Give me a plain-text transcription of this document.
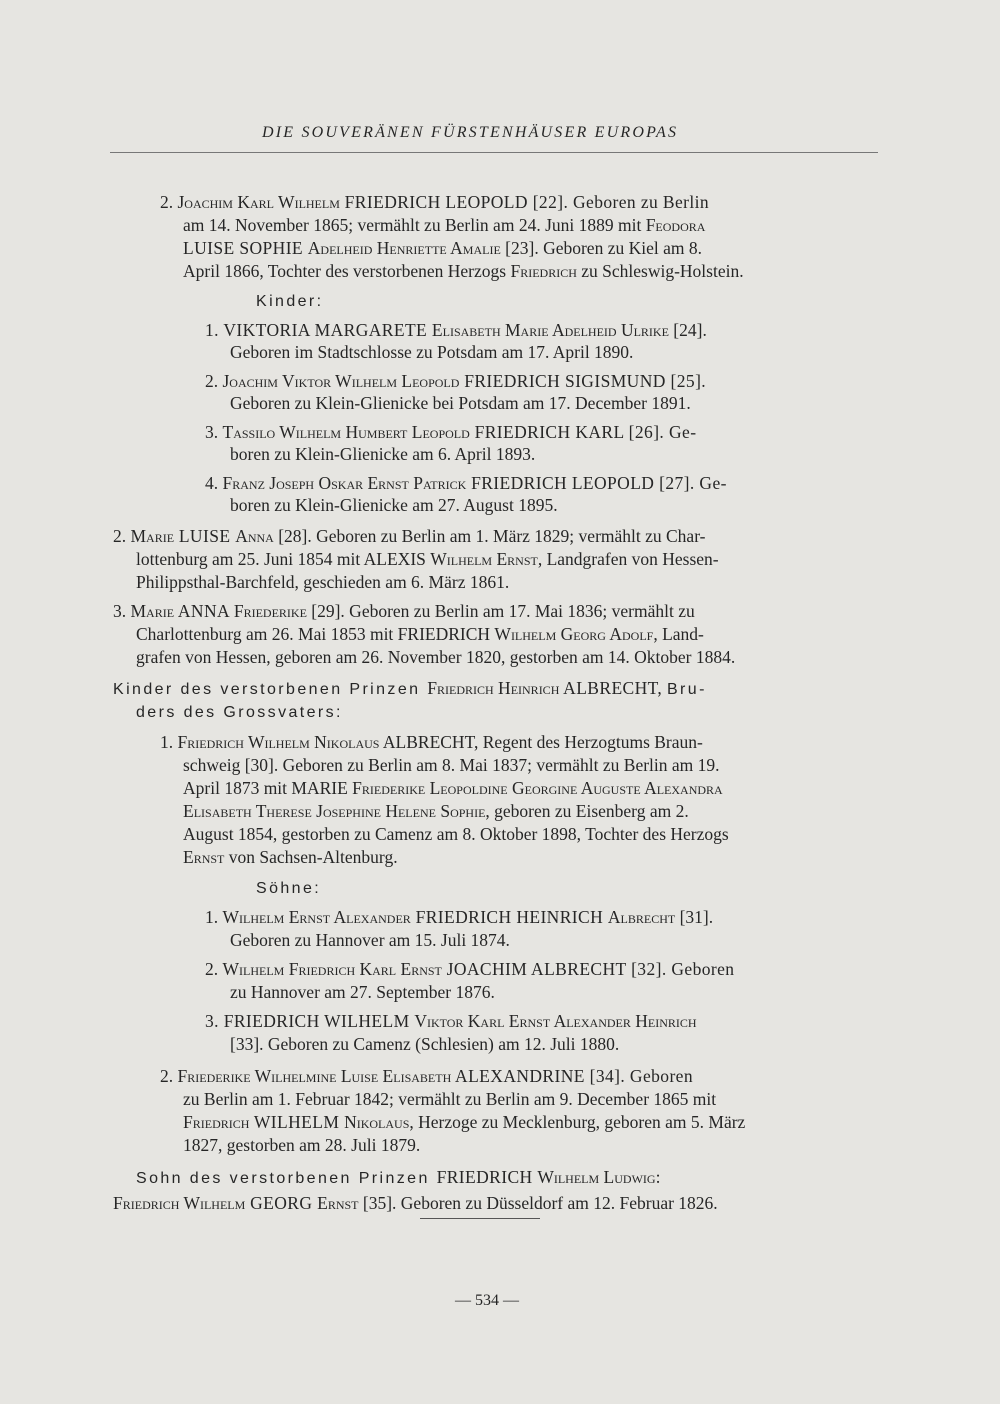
DIE SOUVERÄNEN FÜRSTENHÄUSER EUROPAS
2. Joachim Karl Wilhelm FRIEDRICH LEOPOLD [22]. Geboren zu Berlin
am 14. November 1865; vermählt zu Berlin am 24. Juni 1889 mit Feodora
LUISE SOPHIE Adelheid Henriette Amalie [23]. Geboren zu Kiel am 8.
April 1866, Tochter des verstorbenen Herzogs Friedrich zu Schleswig-Holstein.
Kinder:
1. VIKTORIA MARGARETE Elisabeth Marie Adelheid Ulrike [24].
Geboren im Stadtschlosse zu Potsdam am 17. April 1890.
2. Joachim Viktor Wilhelm Leopold FRIEDRICH SIGISMUND [25].
Geboren zu Klein-Glienicke bei Potsdam am 17. December 1891.
3. Tassilo Wilhelm Humbert Leopold FRIEDRICH KARL [26]. Ge-
boren zu Klein-Glienicke am 6. April 1893.
4. Franz Joseph Oskar Ernst Patrick FRIEDRICH LEOPOLD [27]. Ge-
boren zu Klein-Glienicke am 27. August 1895.
2. Marie LUISE Anna [28]. Geboren zu Berlin am 1. März 1829; vermählt zu Char-
lottenburg am 25. Juni 1854 mit ALEXIS Wilhelm Ernst, Landgrafen von Hessen-
Philippsthal-Barchfeld, geschieden am 6. März 1861.
3. Marie ANNA Friederike [29]. Geboren zu Berlin am 17. Mai 1836; vermählt zu
Charlottenburg am 26. Mai 1853 mit FRIEDRICH Wilhelm Georg Adolf, Land-
grafen von Hessen, geboren am 26. November 1820, gestorben am 14. Oktober 1884.
Kinder des verstorbenen Prinzen Friedrich Heinrich ALBRECHT, Bru-
ders des Grossvaters:
1. Friedrich Wilhelm Nikolaus ALBRECHT, Regent des Herzogtums Braun-
schweig [30]. Geboren zu Berlin am 8. Mai 1837; vermählt zu Berlin am 19.
April 1873 mit MARIE Friederike Leopoldine Georgine Auguste Alexandra
Elisabeth Therese Josephine Helene Sophie, geboren zu Eisenberg am 2.
August 1854, gestorben zu Camenz am 8. Oktober 1898, Tochter des Herzogs
Ernst von Sachsen-Altenburg.
Söhne:
1. Wilhelm Ernst Alexander FRIEDRICH HEINRICH Albrecht [31].
Geboren zu Hannover am 15. Juli 1874.
2. Wilhelm Friedrich Karl Ernst JOACHIM ALBRECHT [32]. Geboren
zu Hannover am 27. September 1876.
3. FRIEDRICH WILHELM Viktor Karl Ernst Alexander Heinrich
[33]. Geboren zu Camenz (Schlesien) am 12. Juli 1880.
2. Friederike Wilhelmine Luise Elisabeth ALEXANDRINE [34]. Geboren
zu Berlin am 1. Februar 1842; vermählt zu Berlin am 9. December 1865 mit
Friedrich WILHELM Nikolaus, Herzoge zu Mecklenburg, geboren am 5. März
1827, gestorben am 28. Juli 1879.
Sohn des verstorbenen Prinzen FRIEDRICH Wilhelm Ludwig:
Friedrich Wilhelm GEORG Ernst [35]. Geboren zu Düsseldorf am 12. Februar 1826.
— 534 —
